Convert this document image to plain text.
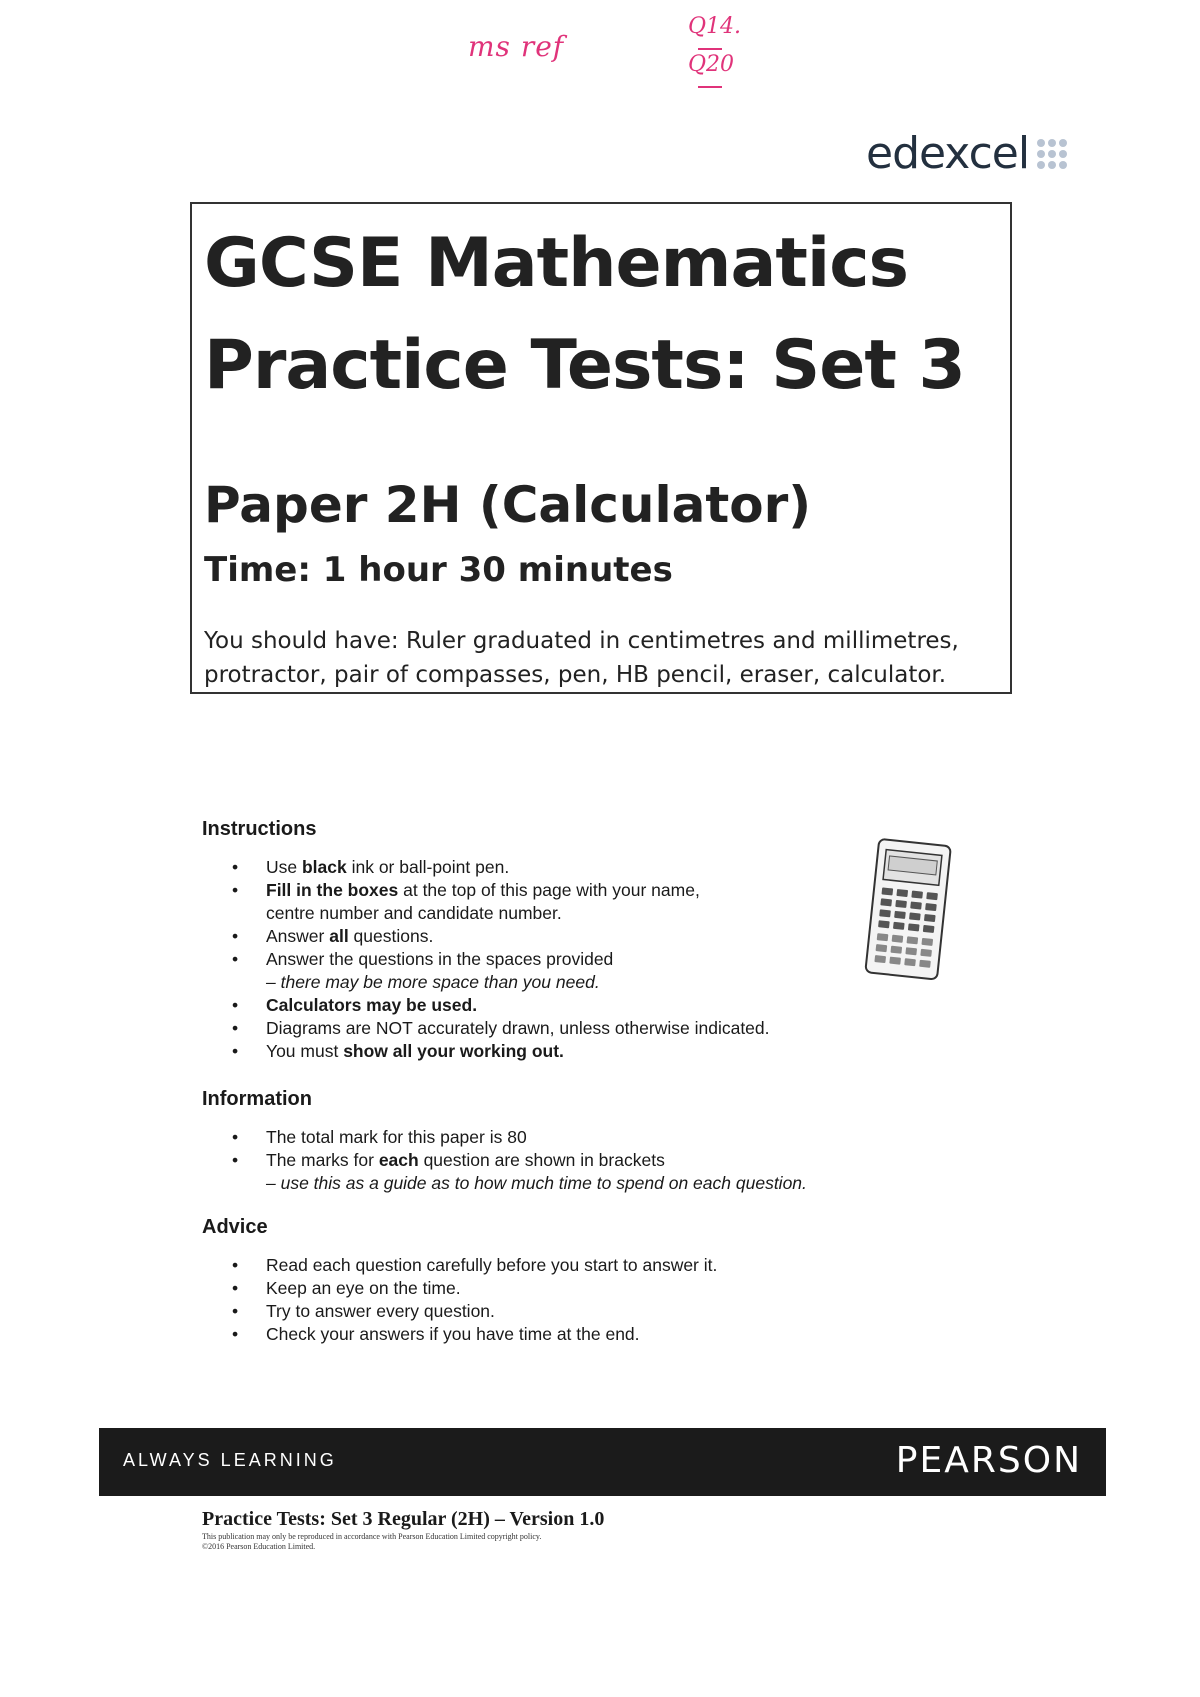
ms ref
Q14.
Q20
edexcel
GCSE Mathematics
Practice Tests: Set 3
Paper 2H (Calculator)
Time: 1 hour 30 minutes
You should have: Ruler graduated in centimetres and millimetres, protractor, pair of compasses, pen, HB pencil, eraser, calculator.
Instructions
• Use black ink or ball-point pen.
• Fill in the boxes at the top of this page with your name,
centre number and candidate number.
• Answer all questions.
• Answer the questions in the spaces provided
– there may be more space than you need.
• Calculators may be used.
• Diagrams are NOT accurately drawn, unless otherwise indicated.
• You must show all your working out.
Information
• The total mark for this paper is 80
• The marks for each question are shown in brackets
– use this as a guide as to how much time to spend on each question.
Advice
• Read each question carefully before you start to answer it.
• Keep an eye on the time.
• Try to answer every question.
• Check your answers if you have time at the end.
ALWAYS LEARNING	PEARSON
Practice Tests: Set 3 Regular (2H) – Version 1.0
This publication may only be reproduced in accordance with Pearson Education Limited copyright policy.
©2016 Pearson Education Limited.
